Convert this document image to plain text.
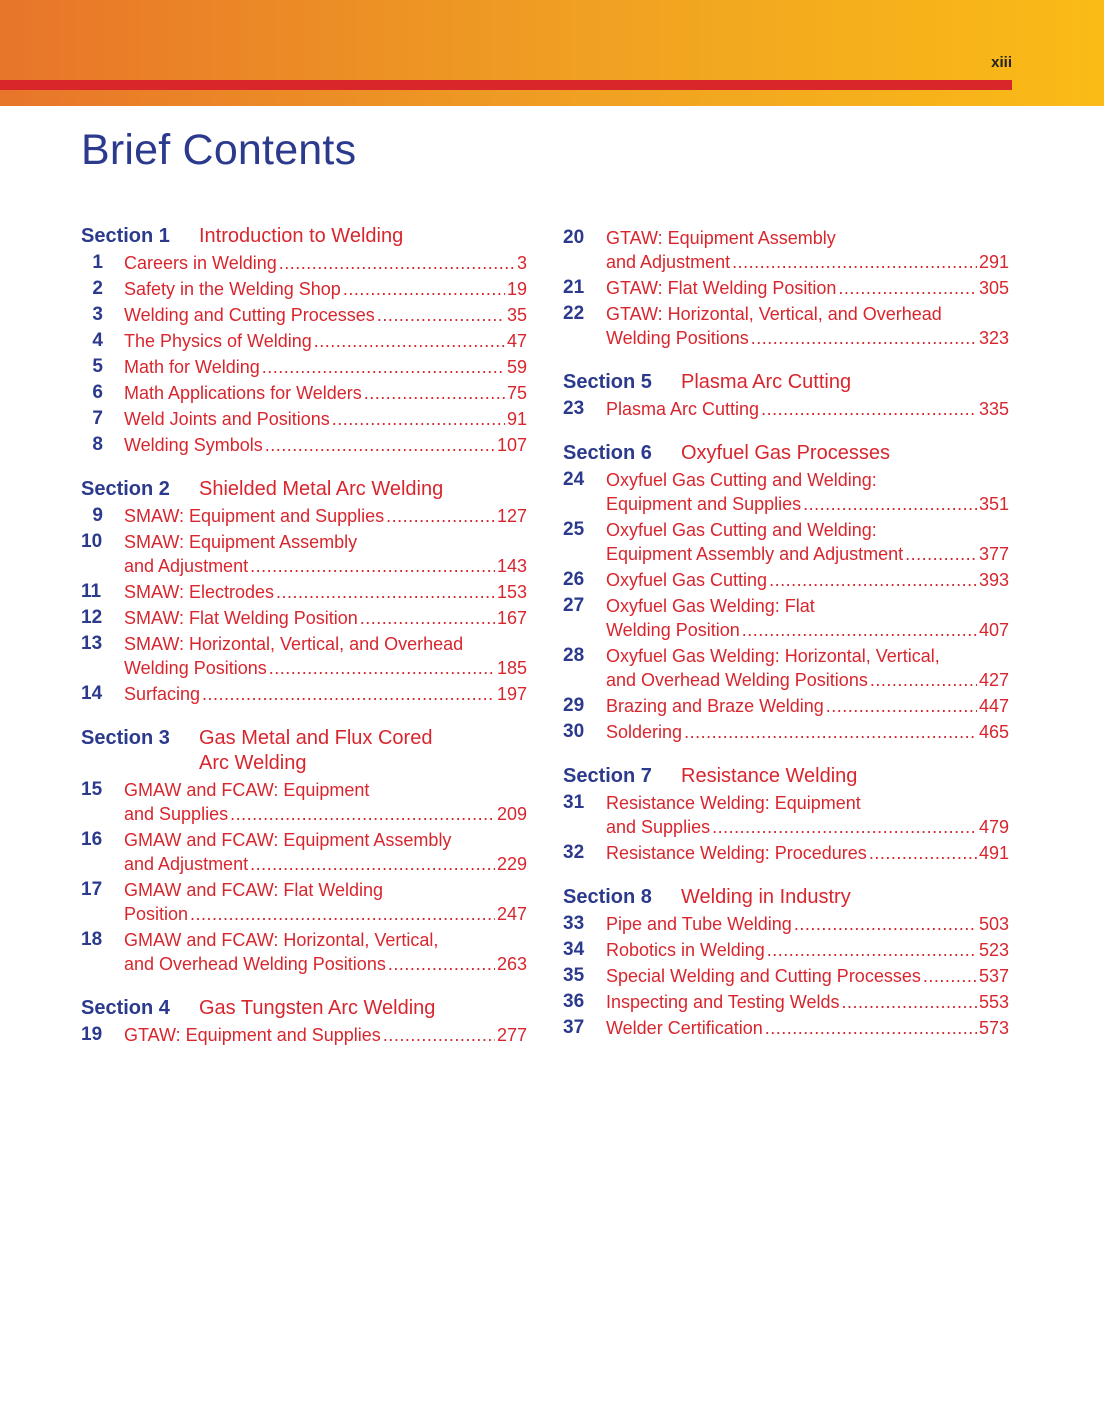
xiii
Brief Contents
Section 1	Introduction to Welding
1	Careers in Welding .....	3
2	Safety in the Welding Shop .....	19
3	Welding and Cutting Processes .....	35
4	The Physics of Welding .....	47
5	Math for Welding .....	59
6	Math Applications for Welders .....	75
7	Weld Joints and Positions .....	91
8	Welding Symbols .....	107
Section 2	Shielded Metal Arc Welding
9	SMAW: Equipment and Supplies .....	127
10	SMAW: Equipment Assembly
and Adjustment .....	143
11	SMAW: Electrodes .....	153
12	SMAW: Flat Welding Position .....	167
13	SMAW: Horizontal, Vertical, and Overhead
Welding Positions .....	185
14	Surfacing .....	197
Section 3	Gas Metal and Flux Cored
Arc Welding
15	GMAW and FCAW: Equipment
and Supplies .....	209
16	GMAW and FCAW: Equipment Assembly
and Adjustment .....	229
17	GMAW and FCAW: Flat Welding
Position .....	247
18	GMAW and FCAW: Horizontal, Vertical,
and Overhead Welding Positions .....	263
Section 4	Gas Tungsten Arc Welding
19	GTAW: Equipment and Supplies .....	277
20	GTAW: Equipment Assembly
and Adjustment .....	291
21	GTAW: Flat Welding Position .....	305
22	GTAW: Horizontal, Vertical, and Overhead
Welding Positions .....	323
Section 5	Plasma Arc Cutting
23	Plasma Arc Cutting .....	335
Section 6	Oxyfuel Gas Processes
24	Oxyfuel Gas Cutting and Welding:
Equipment and Supplies .....	351
25	Oxyfuel Gas Cutting and Welding:
Equipment Assembly and Adjustment .....	377
26	Oxyfuel Gas Cutting .....	393
27	Oxyfuel Gas Welding: Flat
Welding Position .....	407
28	Oxyfuel Gas Welding: Horizontal, Vertical,
and Overhead Welding Positions .....	427
29	Brazing and Braze Welding .....	447
30	Soldering .....	465
Section 7	Resistance Welding
31	Resistance Welding: Equipment
and Supplies .....	479
32	Resistance Welding: Procedures .....	491
Section 8	Welding in Industry
33	Pipe and Tube Welding .....	503
34	Robotics in Welding .....	523
35	Special Welding and Cutting Processes .....	537
36	Inspecting and Testing Welds .....	553
37	Welder Certification .....	573
